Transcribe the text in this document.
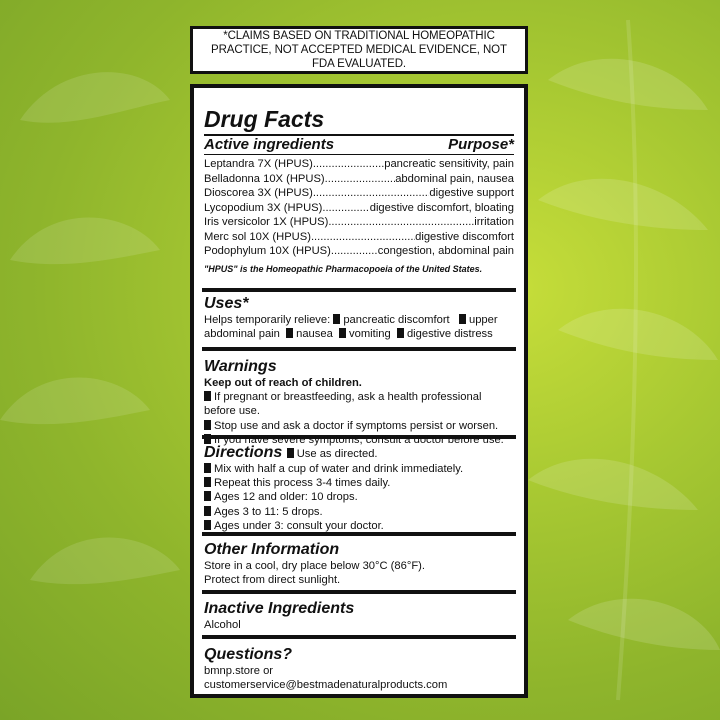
*CLAIMS BASED ON TRADITIONAL HOMEOPATHIC PRACTICE, NOT ACCEPTED MEDICAL EVIDENCE, NOT FDA EVALUATED.
Drug Facts
Active ingredients	Purpose*
Leptandra 7X (HPUS) .....	pancreatic sensitivity, pain
Belladonna 10X (HPUS) .....	abdominal pain, nausea
Dioscorea 3X (HPUS) .....	digestive support
Lycopodium 3X (HPUS) .....	digestive discomfort, bloating
Iris versicolor 1X (HPUS) .....	irritation
Merc sol 10X (HPUS) .....	digestive discomfort
Podophylum 10X (HPUS) .....	congestion, abdominal pain
"HPUS" is the Homeopathic Pharmacopoeia of the United States.
Uses*
Helps temporarily relieve: pancreatic discomfort upper abdominal pain nausea vomiting digestive distress
Warnings
Keep out of reach of children.
If pregnant or breastfeeding, ask a health professional before use.
Stop use and ask a doctor if symptoms persist or worsen.
If you have severe symptoms, consult a doctor before use.
Directions Use as directed.
Mix with half a cup of water and drink immediately.
Repeat this process 3-4 times daily.
Ages 12 and older: 10 drops.
Ages 3 to 11: 5 drops.
Ages under 3: consult your doctor.
Other Information
Store in a cool, dry place below 30°C (86°F).
Protect from direct sunlight.
Inactive Ingredients
Alcohol
Questions?
bmnp.store or
customerservice@bestmadenaturalproducts.com
